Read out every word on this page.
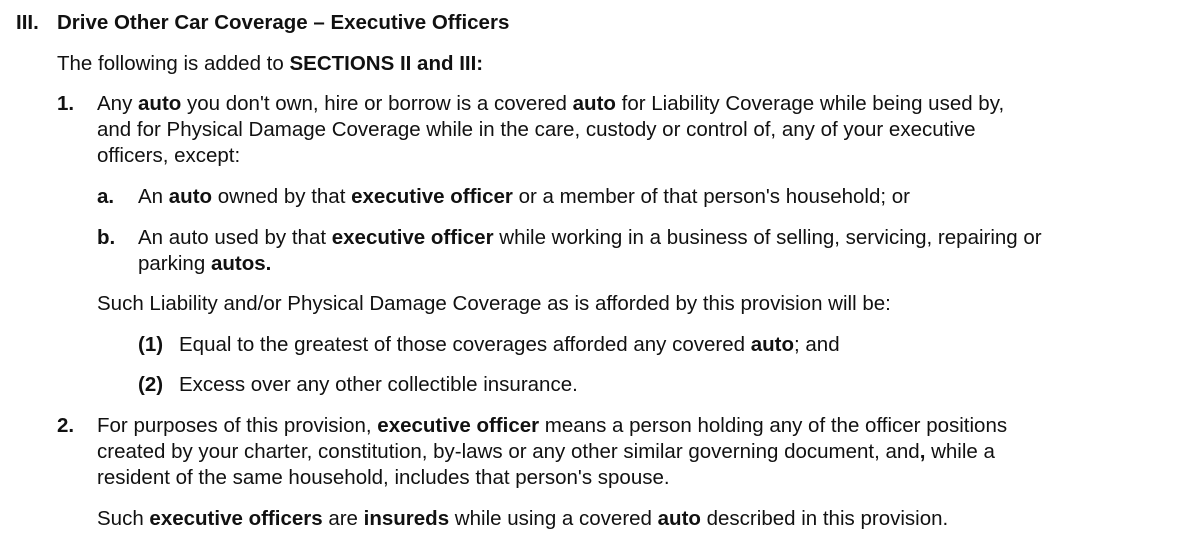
III. Drive Other Car Coverage – Executive Officers
The following is added to SECTIONS II and III:
1. Any auto you don't own, hire or borrow is a covered auto for Liability Coverage while being used by,
and for Physical Damage Coverage while in the care, custody or control of, any of your executive
officers, except:
a. An auto owned by that executive officer or a member of that person's household; or
b. An auto used by that executive officer while working in a business of selling, servicing, repairing or
parking autos.
Such Liability and/or Physical Damage Coverage as is afforded by this provision will be:
(1) Equal to the greatest of those coverages afforded any covered auto; and
(2) Excess over any other collectible insurance.
2. For purposes of this provision, executive officer means a person holding any of the officer positions
created by your charter, constitution, by-laws or any other similar governing document, and, while a
resident of the same household, includes that person's spouse.
Such executive officers are insureds while using a covered auto described in this provision.
